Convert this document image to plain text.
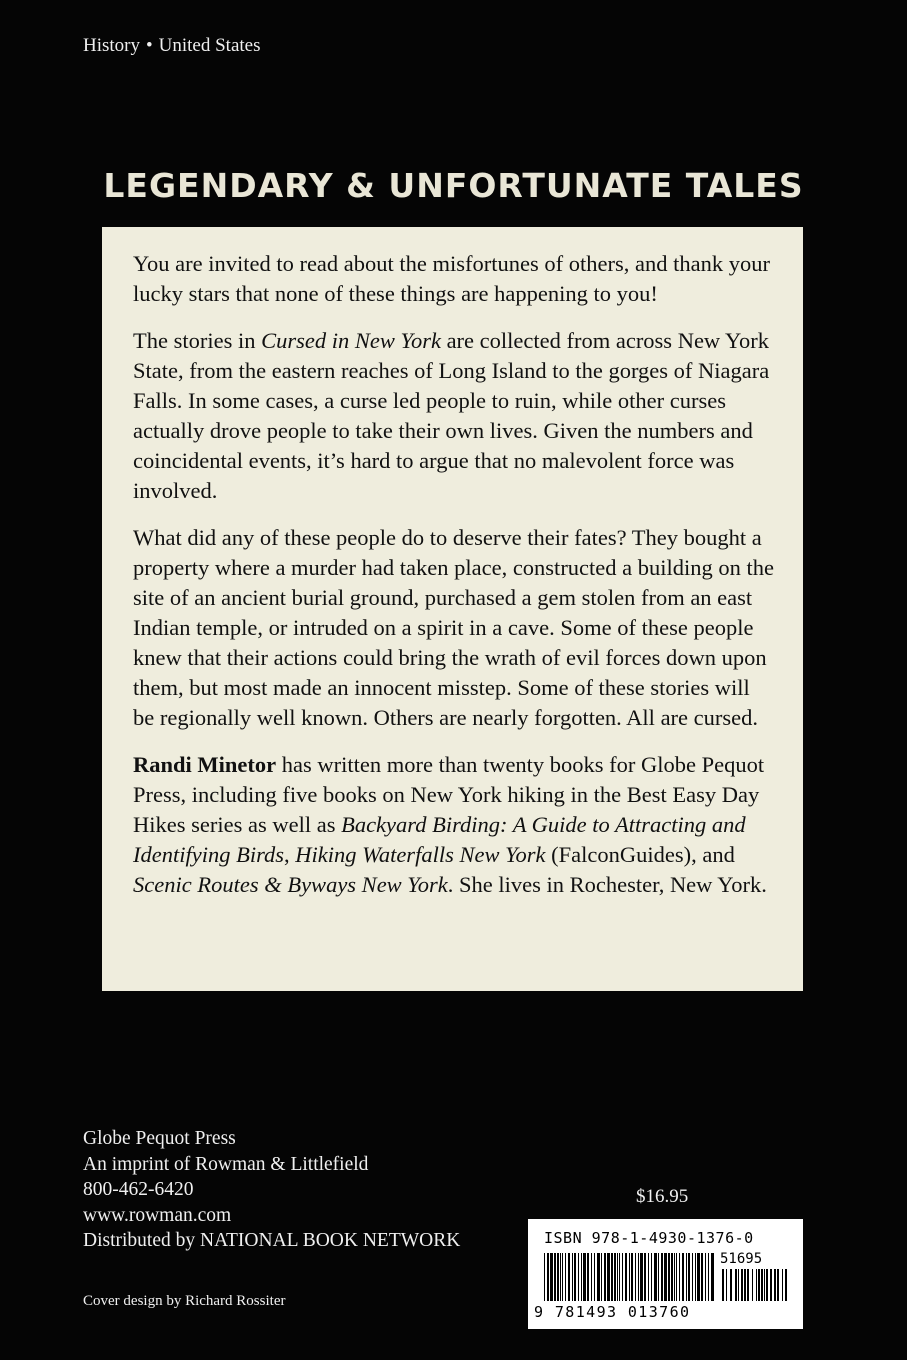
History • United States
LEGENDARY & UNFORTUNATE TALES

You are invited to read about the misfortunes of others, and thank your lucky stars that none of these things are happening to you!

The stories in Cursed in New York are collected from across New York State, from the eastern reaches of Long Island to the gorges of Niagara Falls. In some cases, a curse led people to ruin, while other curses actually drove people to take their own lives. Given the numbers and coincidental events, it’s hard to argue that no malevolent force was involved.

What did any of these people do to deserve their fates? They bought a property where a murder had taken place, constructed a building on the site of an ancient burial ground, purchased a gem stolen from an east Indian temple, or intruded on a spirit in a cave. Some of these people knew that their actions could bring the wrath of evil forces down upon them, but most made an innocent misstep. Some of these stories will be regionally well known. Others are nearly forgotten. All are cursed.

Randi Minetor has written more than twenty books for Globe Pequot Press, including five books on New York hiking in the Best Easy Day Hikes series as well as Backyard Birding: A Guide to Attracting and Identifying Birds, Hiking Waterfalls New York (FalconGuides), and Scenic Routes & Byways New York. She lives in Rochester, New York.

Globe Pequot Press
An imprint of Rowman & Littlefield
800-462-6420
www.rowman.com
Distributed by NATIONAL BOOK NETWORK
Cover design by Richard Rossiter
$16.95
ISBN 978-1-4930-1376-0
51695
9 781493 013760
